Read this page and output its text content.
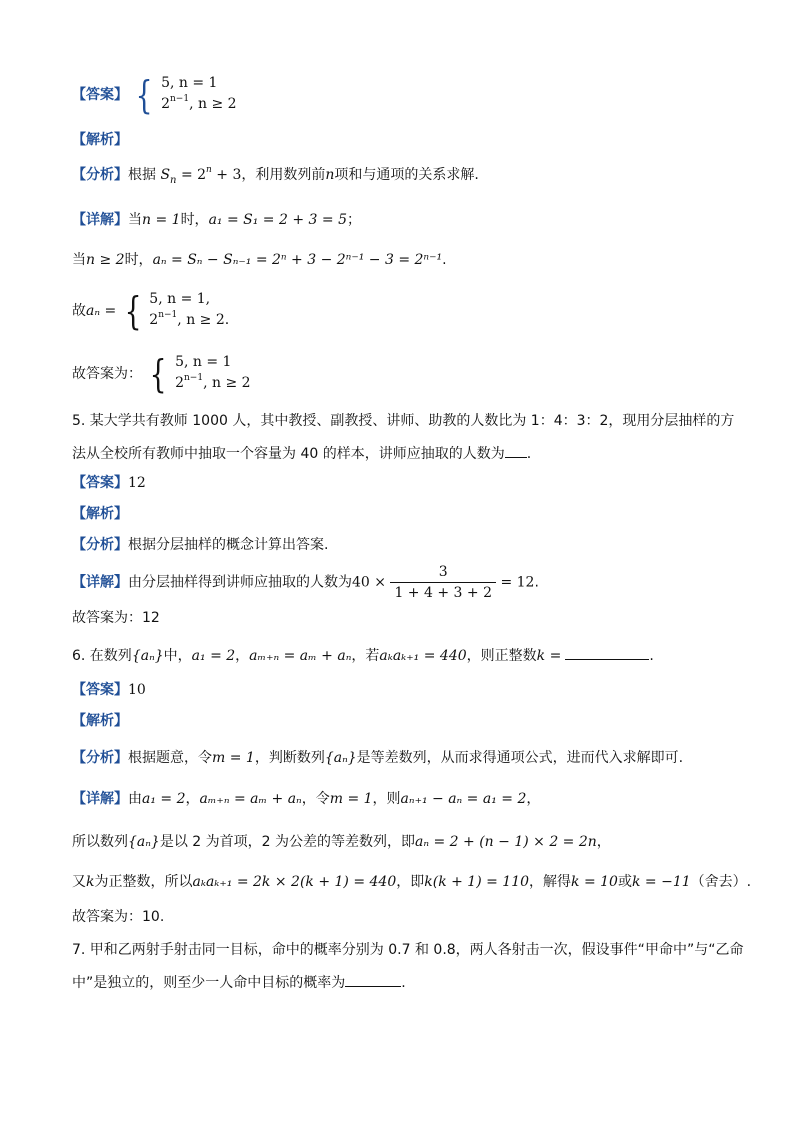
【答案】 { 5, n = 1
$2^{n-1}$, n ≥ 2
【解析】
【分析】根据 $S_n = 2^n + 3$，利用数列前n项和与通项的关系求解.
【详解】当n = 1时，a₁ = S₁ = 2 + 3 = 5；
当n ≥ 2时，aₙ = Sₙ − Sₙ₋₁ = 2ⁿ + 3 − 2ⁿ⁻¹ − 3 = 2ⁿ⁻¹.
故aₙ = { 5, n = 1,
$2^{n-1}$, n ≥ 2.
故答案为： { 5, n = 1
$2^{n-1}$, n ≥ 2
5. 某大学共有教师 1000 人，其中教授、副教授、讲师、助教的人数比为 1：4：3：2，现用分层抽样的方
法从全校所有教师中抽取一个容量为 40 的样本，讲师应抽取的人数为 .
【答案】12
【解析】
【分析】根据分层抽样的概念计算出答案.
【详解】由分层抽样得到讲师应抽取的人数为$40 \times \frac{3}{1 + 4 + 3 + 2} = 12$.
故答案为：12
6. 在数列{aₙ}中，a₁ = 2，aₘ₊ₙ = aₘ + aₙ，若aₖaₖ₊₁ = 440，则正整数k =	.
【答案】10
【解析】
【分析】根据题意，令m = 1，判断数列{aₙ}是等差数列，从而求得通项公式，进而代入求解即可.
【详解】由a₁ = 2，aₘ₊ₙ = aₘ + aₙ，令m = 1，则aₙ₊₁ − aₙ = a₁ = 2，
所以数列{aₙ}是以 2 为首项，2 为公差的等差数列，即aₙ = 2 + (n − 1) × 2 = 2n，
又k为正整数，所以aₖaₖ₊₁ = 2k × 2(k + 1) = 440，即k(k + 1) = 110，解得k = 10或k = −11（舍去）.
故答案为：10.
7. 甲和乙两射手射击同一目标，命中的概率分别为 0.7 和 0.8，两人各射击一次，假设事件“甲命中”与“乙命
中”是独立的，则至少一人命中目标的概率为	.
